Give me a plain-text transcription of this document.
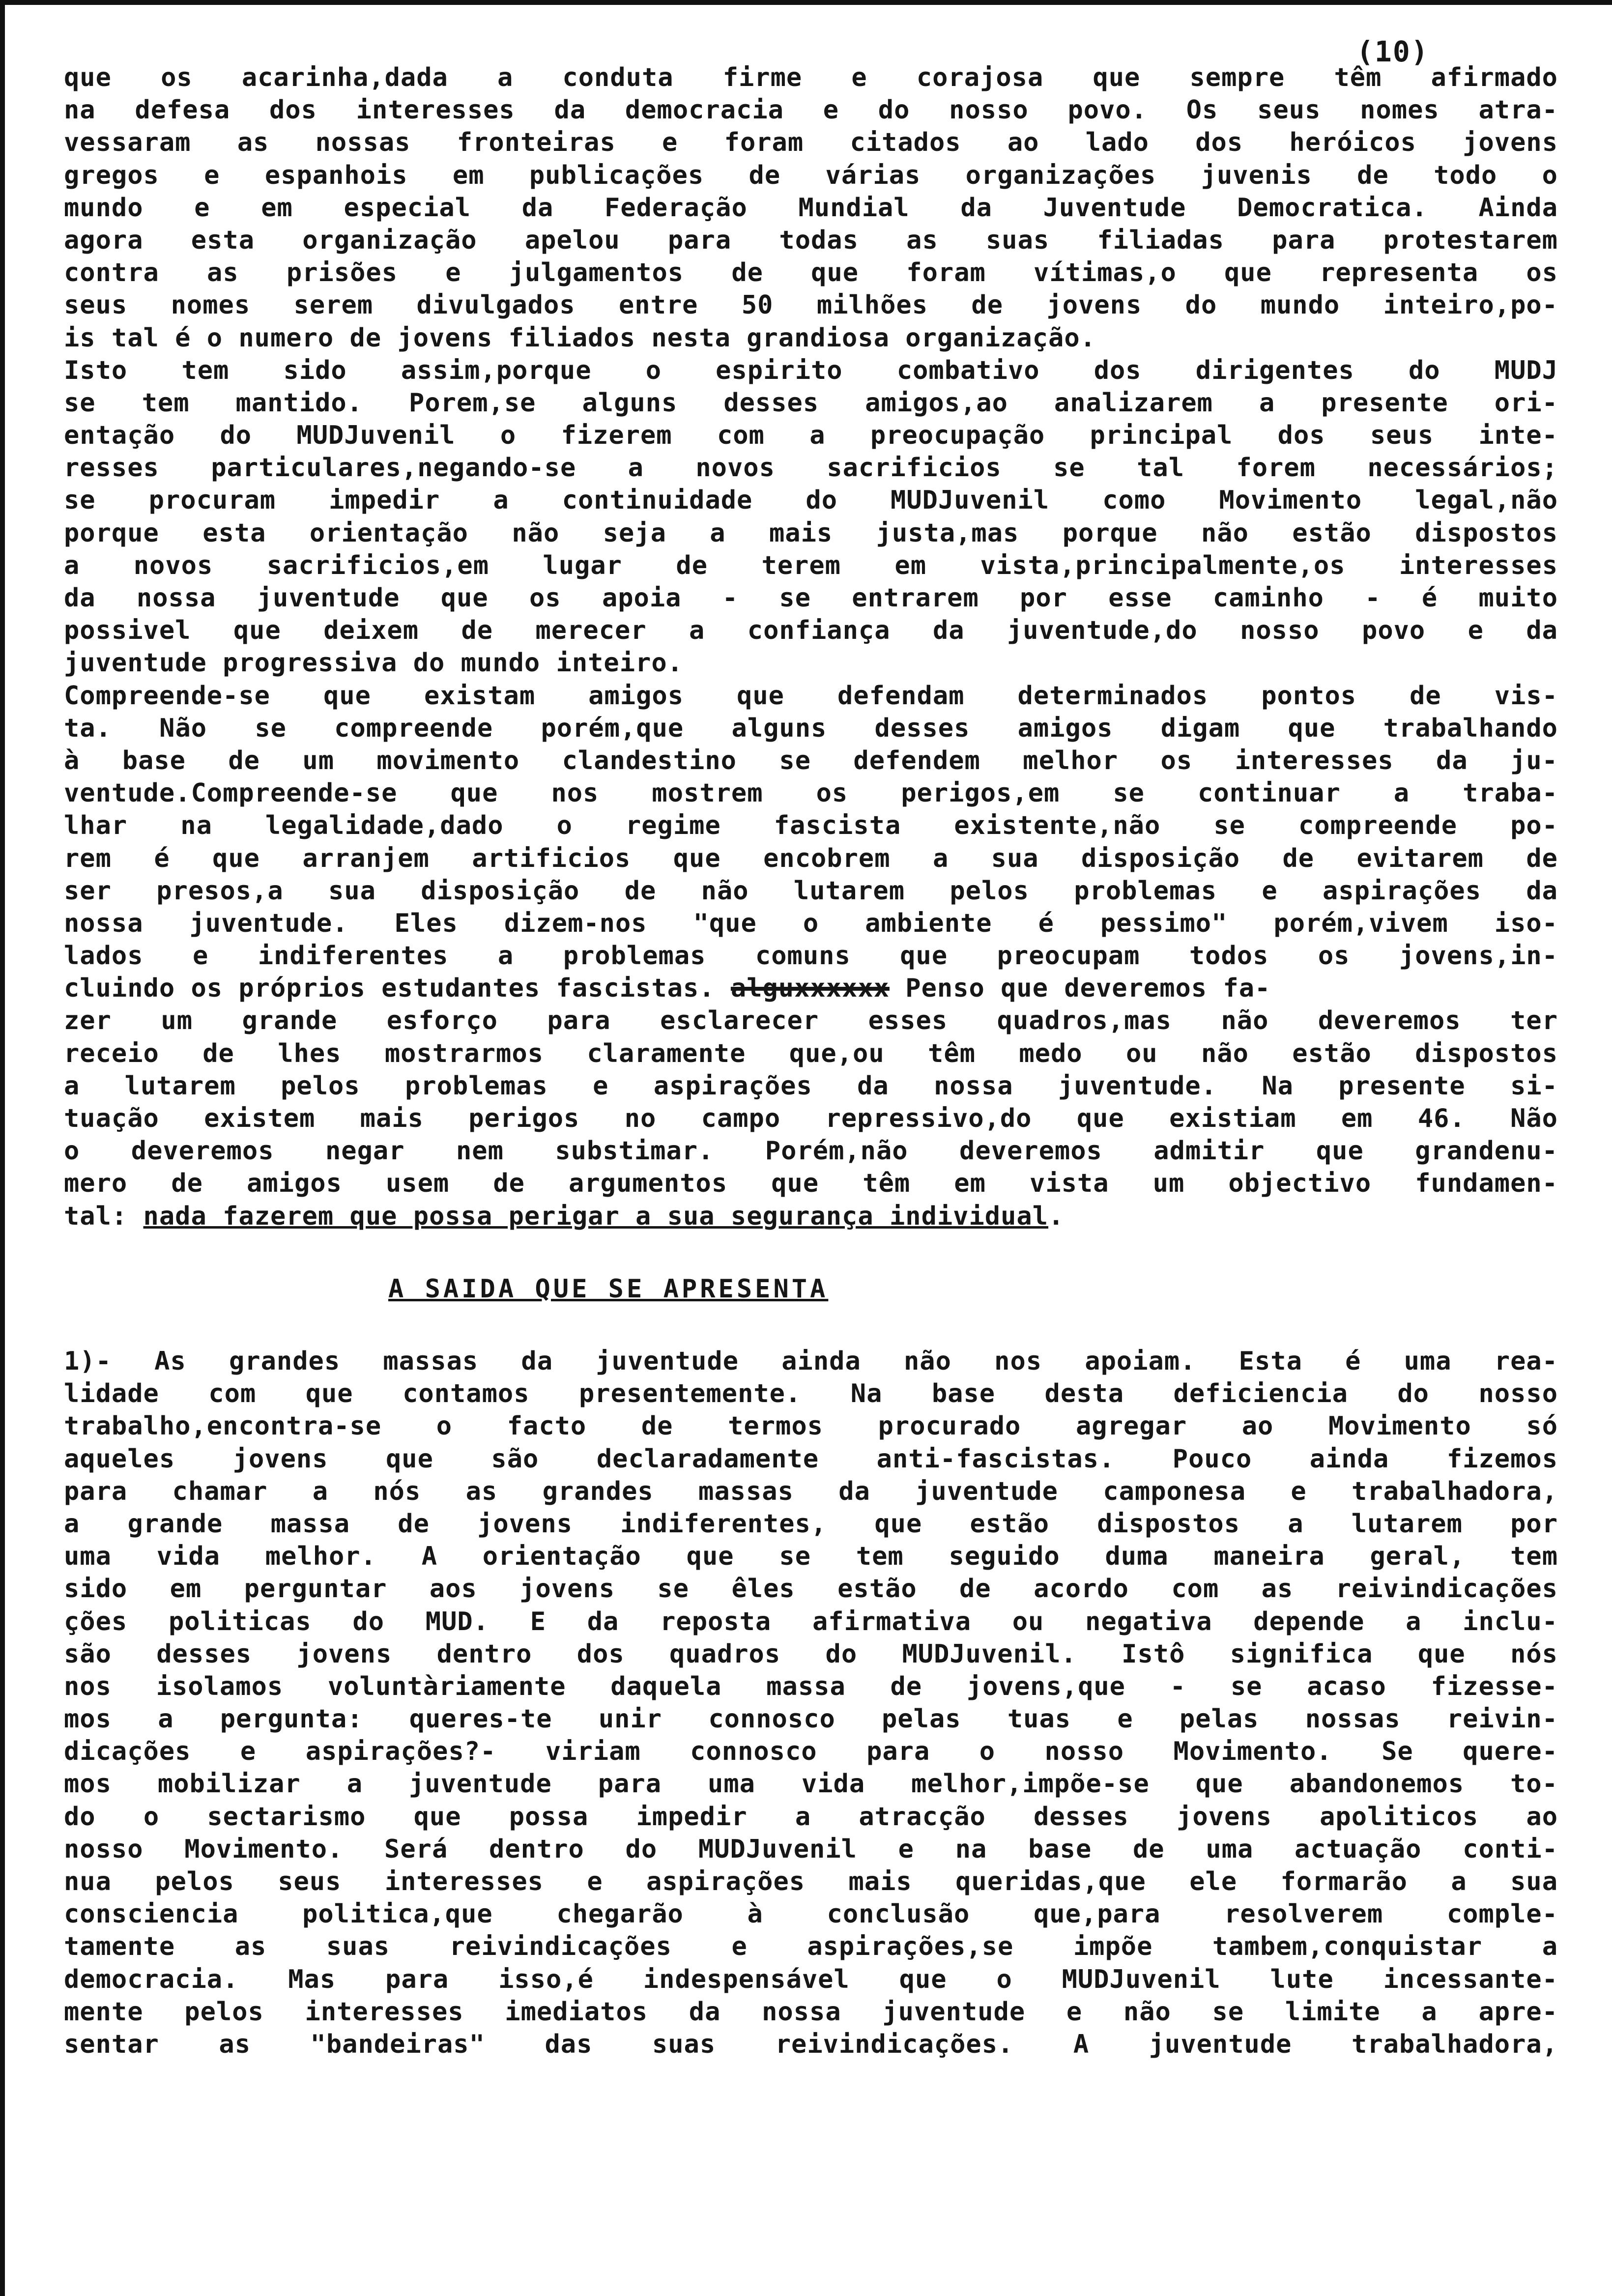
(10)
que os acarinha,dada a conduta firme e corajosa que sempre têm afirmado
na defesa dos interesses da democracia e do nosso povo. Os seus nomes atra-
vessaram as nossas fronteiras e foram citados ao lado dos heróicos jovens
gregos e espanhois em publicações de várias organizações juvenis de todo o
mundo e em especial da Federação Mundial da Juventude Democratica. Ainda
agora esta organização apelou para todas as suas filiadas para protestarem
contra as prisões e julgamentos de que foram vítimas,o que representa os
seus nomes serem divulgados entre 50 milhões de jovens do mundo inteiro,po-
is tal é o numero de jovens filiados nesta grandiosa organização.
Isto tem sido assim,porque o espirito combativo dos dirigentes do MUDJ
se tem mantido. Porem,se alguns desses amigos,ao analizarem a presente ori-
entação do MUDJuvenil o fizerem com a preocupação principal dos seus inte-
resses particulares,negando-se a novos sacrificios se tal forem necessários;
se procuram impedir a continuidade do MUDJuvenil como Movimento legal,não
porque esta orientação não seja a mais justa,mas porque não estão dispostos
a novos sacrificios,em lugar de terem em vista,principalmente,os interesses
da nossa juventude que os apoia - se entrarem por esse caminho - é muito
possivel que deixem de merecer a confiança da juventude,do nosso povo e da
juventude progressiva do mundo inteiro.
Compreende-se que existam amigos que defendam determinados pontos de vis-
ta. Não se compreende porém,que alguns desses amigos digam que trabalhando
à base de um movimento clandestino se defendem melhor os interesses da ju-
ventude.Compreende-se que nos mostrem os perigos,em se continuar a traba-
lhar na legalidade,dado o regime fascista existente,não se compreende po-
rem é que arranjem artificios que encobrem a sua disposição de evitarem de
ser presos,a sua disposição de não lutarem pelos problemas e aspirações da
nossa juventude. Eles dizem-nos "que o ambiente é pessimo" porém,vivem iso-
lados e indiferentes a problemas comuns que preocupam todos os jovens,in-
cluindo os próprios estudantes fascistas. alguxxxxxx Penso que deveremos fa-
zer um grande esforço para esclarecer esses quadros,mas não deveremos ter
receio de lhes mostrarmos claramente que,ou têm medo ou não estão dispostos
a lutarem pelos problemas e aspirações da nossa juventude. Na presente si-
tuação existem mais perigos no campo repressivo,do que existiam em 46. Não
o deveremos negar nem substimar. Porém,não deveremos admitir que grandenu-
mero de amigos usem de argumentos que têm em vista um objectivo fundamen-
tal: nada fazerem que possa perigar a sua segurança individual.
A SAIDA QUE SE APRESENTA
1)- As grandes massas da juventude ainda não nos apoiam. Esta é uma rea-
lidade com que contamos presentemente. Na base desta deficiencia do nosso
trabalho,encontra-se o facto de termos procurado agregar ao Movimento só
aqueles jovens que são declaradamente anti-fascistas. Pouco ainda fizemos
para chamar a nós as grandes massas da juventude camponesa e trabalhadora,
a grande massa de jovens indiferentes, que estão dispostos a lutarem por
uma vida melhor. A orientação que se tem seguido duma maneira geral, tem
sido em perguntar aos jovens se êles estão de acordo com as reivindicações
ções politicas do MUD. E da reposta afirmativa ou negativa depende a inclu-
são desses jovens dentro dos quadros do MUDJuvenil. Istô significa que nós
nos isolamos voluntàriamente daquela massa de jovens,que - se acaso fizesse-
mos a pergunta: queres-te unir connosco pelas tuas e pelas nossas reivin-
dicações e aspirações?- viriam connosco para o nosso Movimento. Se quere-
mos mobilizar a juventude para uma vida melhor,impõe-se que abandonemos to-
do o sectarismo que possa impedir a atracção desses jovens apoliticos ao
nosso Movimento. Será dentro do MUDJuvenil e na base de uma actuação conti-
nua pelos seus interesses e aspirações mais queridas,que ele formarão a sua
consciencia politica,que chegarão à conclusão que,para resolverem comple-
tamente as suas reivindicações e aspirações,se impõe tambem,conquistar a
democracia. Mas para isso,é indespensável que o MUDJuvenil lute incessante-
mente pelos interesses imediatos da nossa juventude e não se limite a apre-
sentar as "bandeiras" das suas reivindicações. A juventude trabalhadora,
